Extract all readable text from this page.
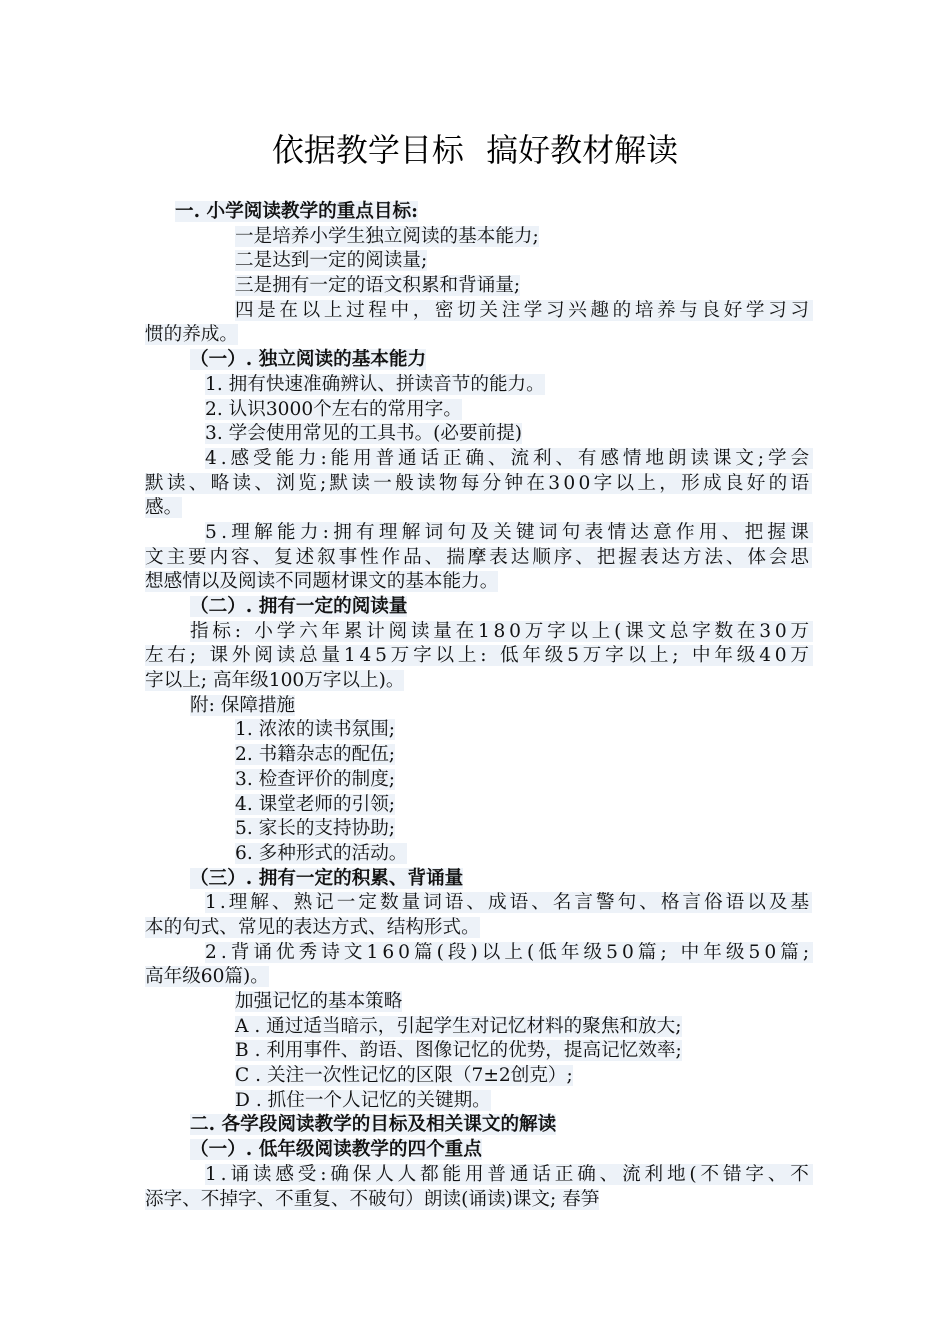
依据教学目标 搞好教材解读
一. 小学阅读教学的重点目标:
一是培养小学生独立阅读的基本能力;
二是达到一定的阅读量;
三是拥有一定的语文积累和背诵量;
四是在以上过程中，密切关注学习兴趣的培养与良好学习习
惯的养成。
（一）. 独立阅读的基本能力
1. 拥有快速准确辨认、拼读音节的能力。
2. 认识3000个左右的常用字。
3. 学会使用常见的工具书。(必要前提)
4.感受能力:能用普通话正确、流利、有感情地朗读课文;学会
默读、略读、浏览;默读一般读物每分钟在300字以上，形成良好的语
感。
5.理解能力:拥有理解词句及关键词句表情达意作用、把握课
文主要内容、复述叙事性作品、揣摩表达顺序、把握表达方法、体会思
想感情以及阅读不同题材课文的基本能力。
（二）. 拥有一定的阅读量
指标: 小学六年累计阅读量在180万字以上(课文总字数在30万
左右; 课外阅读总量145万字以上: 低年级5万字以上; 中年级40万
字以上; 高年级100万字以上)。
附: 保障措施
1. 浓浓的读书氛围;
2. 书籍杂志的配伍;
3. 检查评价的制度;
4. 课堂老师的引领;
5. 家长的支持协助;
6. 多种形式的活动。
（三）. 拥有一定的积累、背诵量
1.理解、熟记一定数量词语、成语、名言警句、格言俗语以及基
本的句式、常见的表达方式、结构形式。
2.背诵优秀诗文160篇(段)以上(低年级50篇; 中年级50篇;
高年级60篇)。
加强记忆的基本策略
A . 通过适当暗示，引起学生对记忆材料的聚焦和放大;
B . 利用事件、韵语、图像记忆的优势，提高记忆效率;
C . 关注一次性记忆的区限（7±2创克）;
D . 抓住一个人记忆的关键期。
二. 各学段阅读教学的目标及相关课文的解读
（一）. 低年级阅读教学的四个重点
1.诵读感受:确保人人都能用普通话正确、流利地(不错字、不
添字、不掉字、不重复、不破句）朗读(诵读)课文; 春笋
